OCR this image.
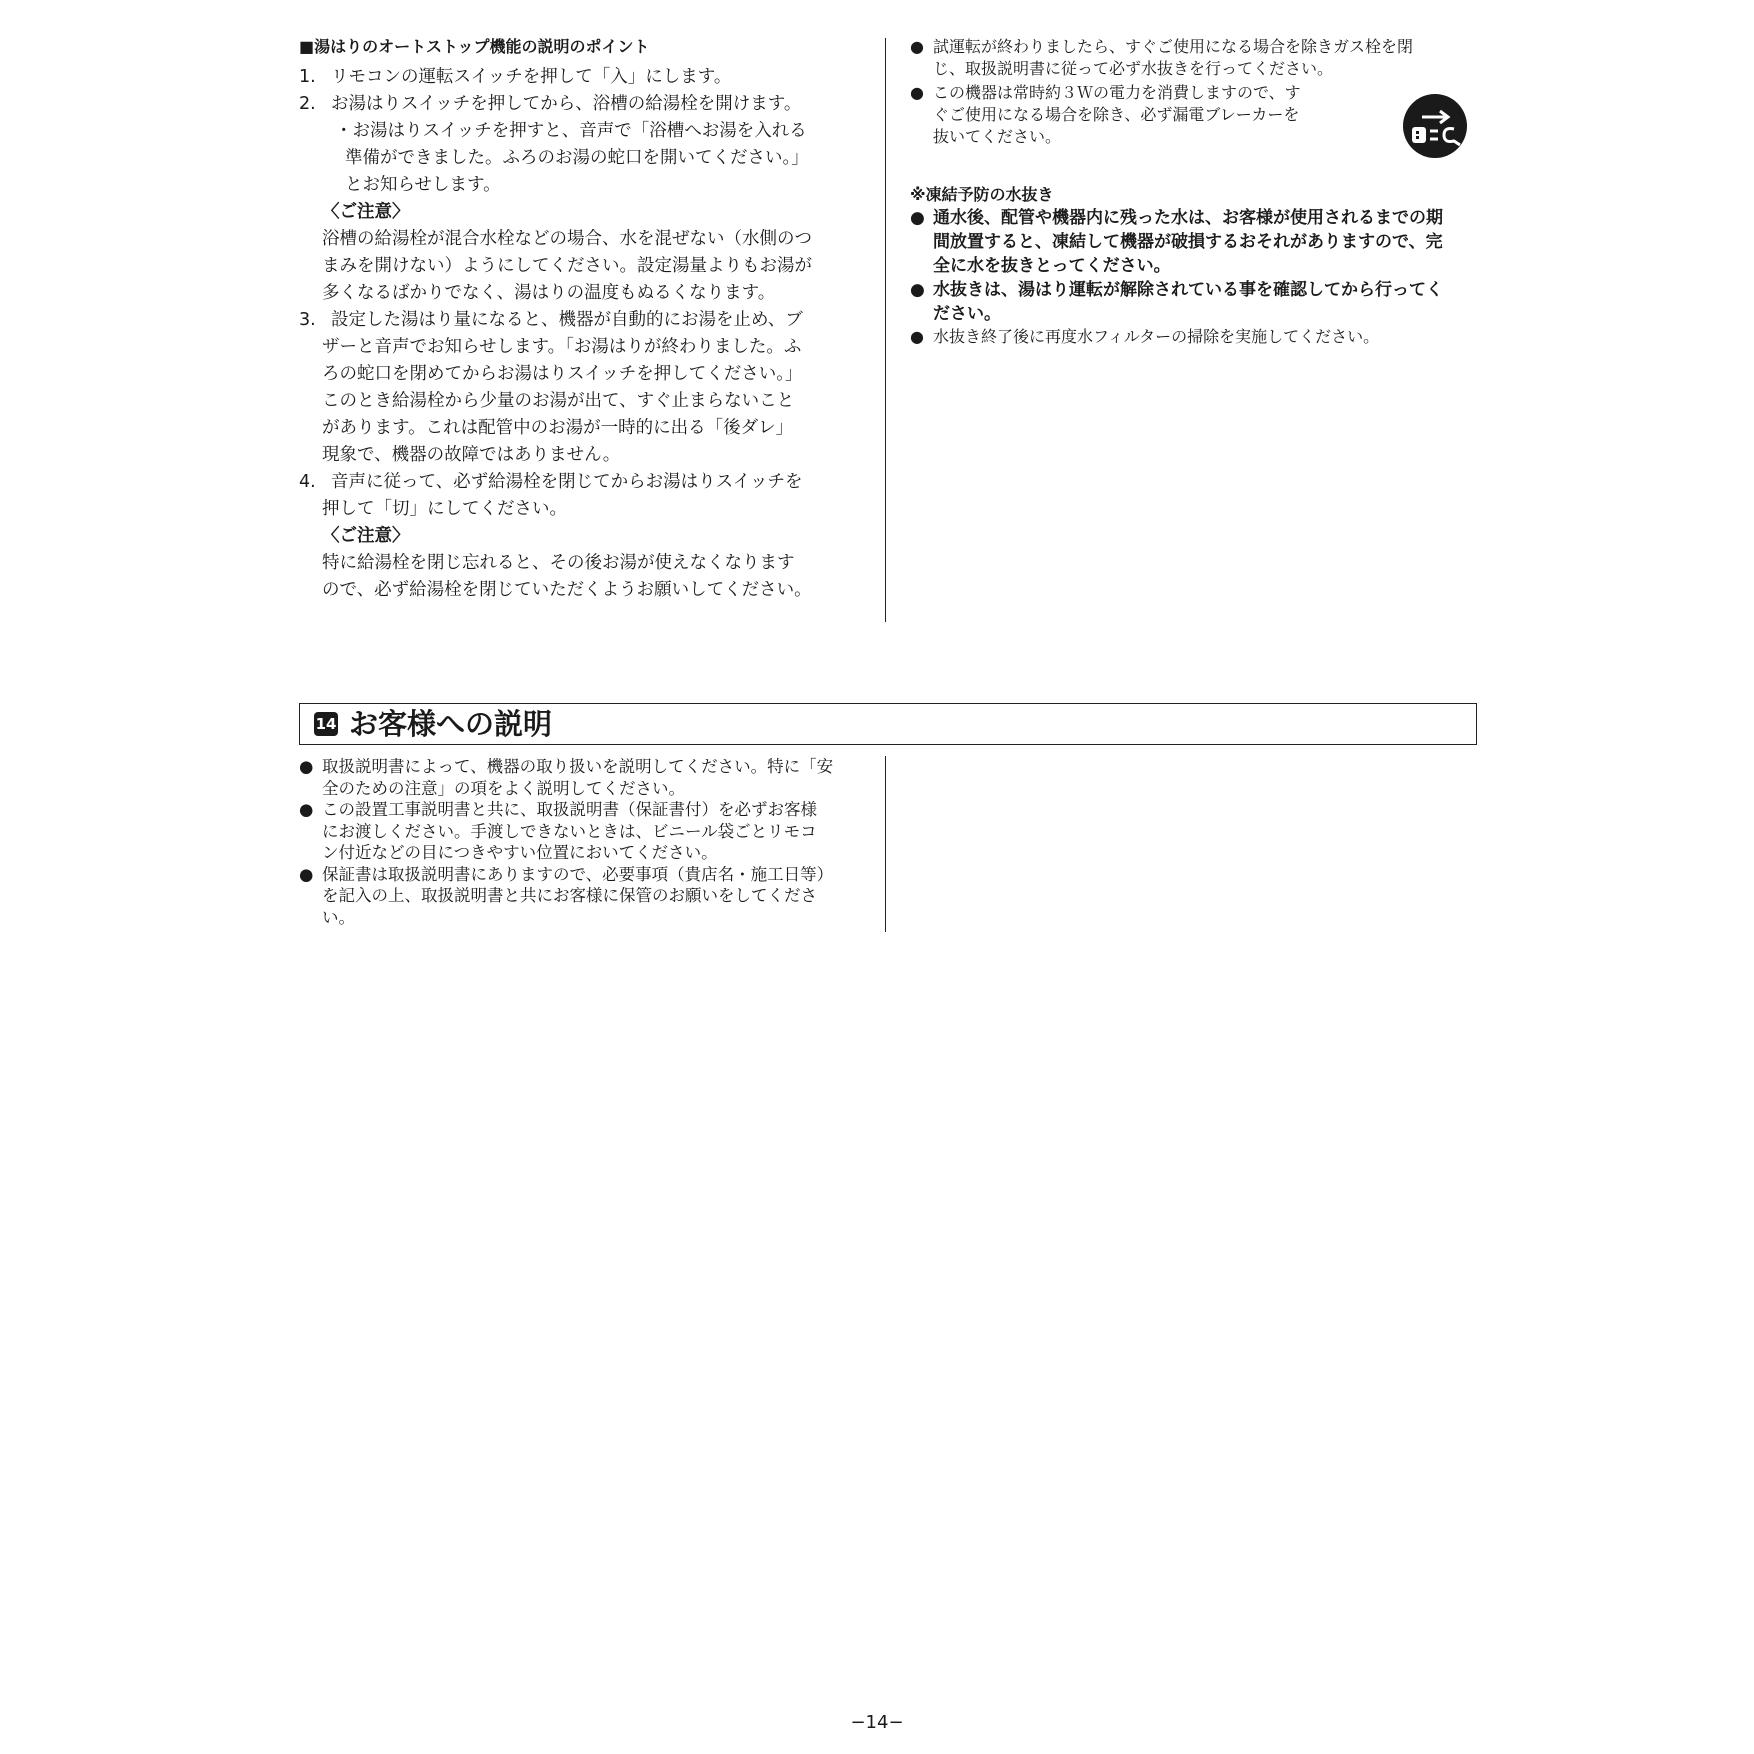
■湯はりのオートストップ機能の説明のポイント
1. リモコンの運転スイッチを押して「入」にします。
2. お湯はりスイッチを押してから、浴槽の給湯栓を開けます。
・お湯はりスイッチを押すと、音声で「浴槽へお湯を入れる
準備ができました。ふろのお湯の蛇口を開いてください。」
とお知らせします。
〈ご注意〉
浴槽の給湯栓が混合水栓などの場合、水を混ぜない（水側のつ
まみを開けない）ようにしてください。設定湯量よりもお湯が
多くなるばかりでなく、湯はりの温度もぬるくなります。
3. 設定した湯はり量になると、機器が自動的にお湯を止め、ブ
ザーと音声でお知らせします。「お湯はりが終わりました。ふ
ろの蛇口を閉めてからお湯はりスイッチを押してください。」
このとき給湯栓から少量のお湯が出て、すぐ止まらないこと
があります。これは配管中のお湯が一時的に出る「後ダレ」
現象で、機器の故障ではありません。
4. 音声に従って、必ず給湯栓を閉じてからお湯はりスイッチを
押して「切」にしてください。
〈ご注意〉
特に給湯栓を閉じ忘れると、その後お湯が使えなくなります
ので、必ず給湯栓を閉じていただくようお願いしてください。
● 試運転が終わりましたら、すぐご使用になる場合を除きガス栓を閉
じ、取扱説明書に従って必ず水抜きを行ってください。
● この機器は常時約３Ｗの電力を消費しますので、す
ぐご使用になる場合を除き、必ず漏電ブレーカーを
抜いてください。
※凍結予防の水抜き
● 通水後、配管や機器内に残った水は、お客様が使用されるまでの期
間放置すると、凍結して機器が破損するおそれがありますので、完
全に水を抜きとってください。
● 水抜きは、湯はり運転が解除されている事を確認してから行ってく
ださい。
● 水抜き終了後に再度水フィルターの掃除を実施してください。
14 お客様への説明
● 取扱説明書によって、機器の取り扱いを説明してください。特に「安
全のための注意」の項をよく説明してください。
● この設置工事説明書と共に、取扱説明書（保証書付）を必ずお客様
にお渡しください。手渡しできないときは、ビニール袋ごとリモコ
ン付近などの目につきやすい位置においてください。
● 保証書は取扱説明書にありますので、必要事項（貴店名・施工日等）
を記入の上、取扱説明書と共にお客様に保管のお願いをしてくださ
い。
−14−
